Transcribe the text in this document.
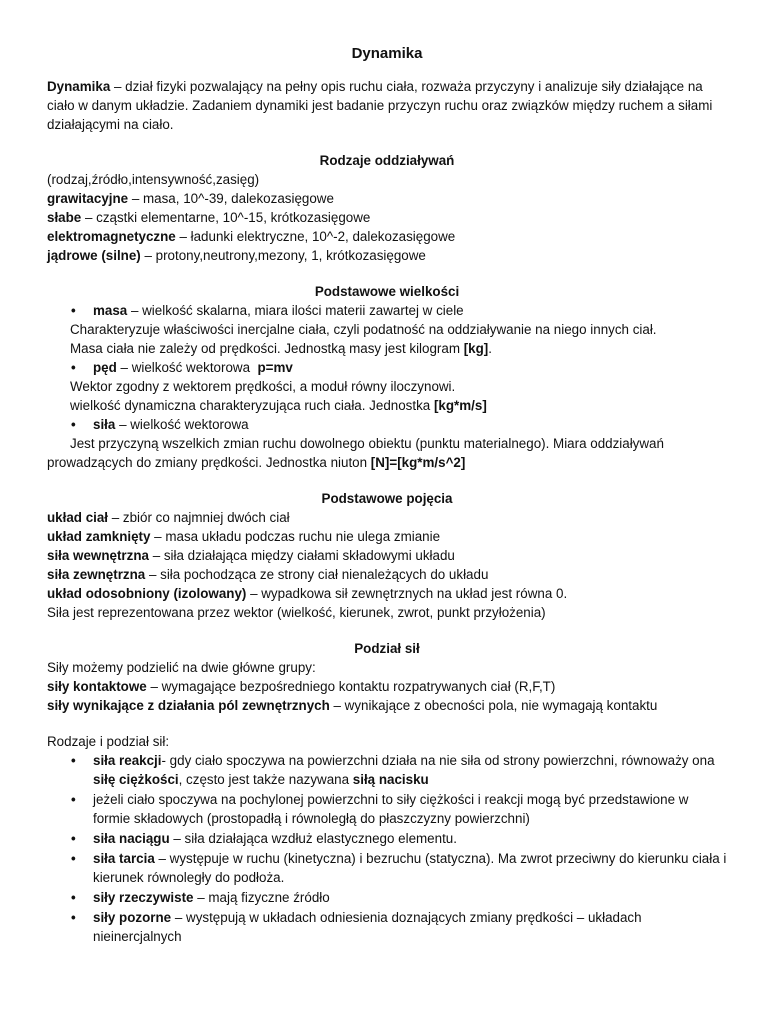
Dynamika

Dynamika – dział fizyki pozwalający na pełny opis ruchu ciała, rozważa przyczyny i analizuje siły działające na ciało w danym układzie. Zadaniem dynamiki jest badanie przyczyn ruchu oraz związków między ruchem a siłami działającymi na ciało.

Rodzaje oddziaływań

(rodzaj,źródło,intensywność,zasięg)

grawitacyjne – masa, 10^-39, dalekozasięgowe

słabe – cząstki elementarne, 10^-15, krótkozasięgowe

elektromagnetyczne – ładunki elektryczne, 10^-2, dalekozasięgowe

jądrowe (silne) – protony,neutrony,mezony, 1, krótkozasięgowe

Podstawowe wielkości

• masa – wielkość skalarna, miara ilości materii zawartej w ciele

Charakteryzuje właściwości inercjalne ciała, czyli podatność na oddziaływanie na niego innych ciał.

Masa ciała nie zależy od prędkości. Jednostką masy jest kilogram [kg].

• pęd – wielkość wektorowa  p=mv

Wektor zgodny z wektorem prędkości, a moduł równy iloczynowi.

wielkość dynamiczna charakteryzująca ruch ciała. Jednostka [kg*m/s]

• siła – wielkość wektorowa

Jest przyczyną wszelkich zmian ruchu dowolnego obiektu (punktu materialnego). Miara oddziaływań

prowadzących do zmiany prędkości. Jednostka niuton [N]=[kg*m/s^2]

Podstawowe pojęcia

układ ciał – zbiór co najmniej dwóch ciał

układ zamknięty – masa układu podczas ruchu nie ulega zmianie

siła wewnętrzna – siła działająca między ciałami składowymi układu

siła zewnętrzna – siła pochodząca ze strony ciał nienależących do układu

układ odosobniony (izolowany) – wypadkowa sił zewnętrznych na układ jest równa 0.

Siła jest reprezentowana przez wektor (wielkość, kierunek, zwrot, punkt przyłożenia)

Podział sił

Siły możemy podzielić na dwie główne grupy:

siły kontaktowe – wymagające bezpośredniego kontaktu rozpatrywanych ciał (R,F,T)

siły wynikające z działania pól zewnętrznych – wynikające z obecności pola, nie wymagają kontaktu

Rodzaje i podział sił:

• siła reakcji- gdy ciało spoczywa na powierzchni działa na nie siła od strony powierzchni, równoważy ona siłę ciężkości, często jest także nazywana siłą nacisku

• jeżeli ciało spoczywa na pochylonej powierzchni to siły ciężkości i reakcji mogą być przedstawione w formie składowych (prostopadłą i równoległą do płaszczyzny powierzchni)

• siła naciągu – siła działająca wzdłuż elastycznego elementu.

• siła tarcia – występuje w ruchu (kinetyczna) i bezruchu (statyczna). Ma zwrot przeciwny do kierunku ciała i kierunek równoległy do podłoża.

• siły rzeczywiste – mają fizyczne źródło

• siły pozorne – występują w układach odniesienia doznających zmiany prędkości – układach nieinercjalnych
